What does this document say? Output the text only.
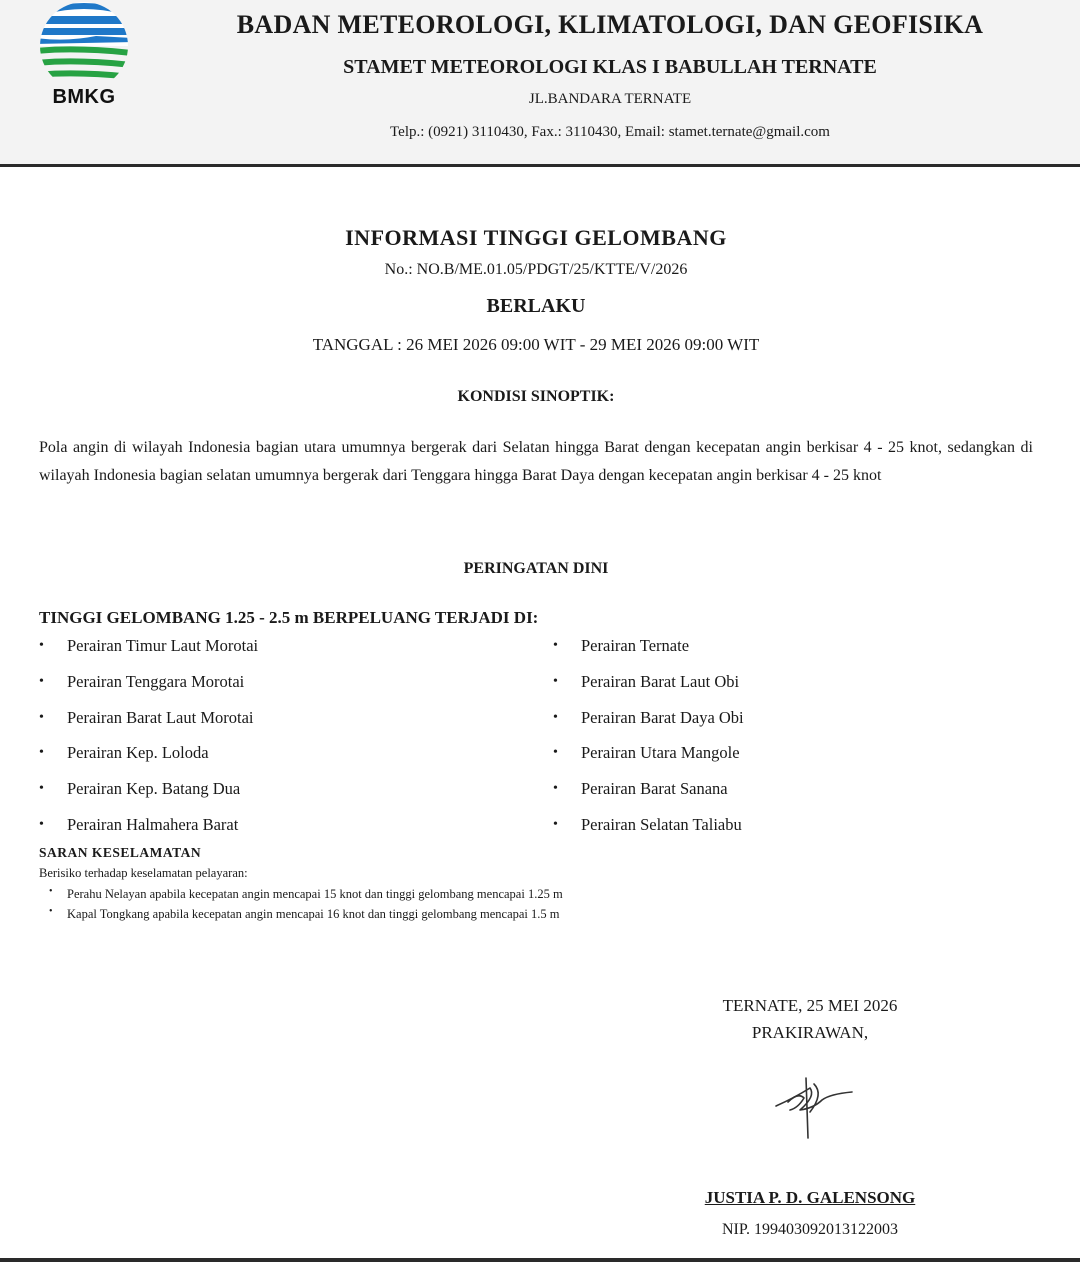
BMKG
BADAN METEOROLOGI, KLIMATOLOGI, DAN GEOFISIKA
STAMET METEOROLOGI KLAS I BABULLAH TERNATE
JL.BANDARA TERNATE
Telp.: (0921) 3110430, Fax.: 3110430, Email: stamet.ternate@gmail.com
INFORMASI TINGGI GELOMBANG
No.: NO.B/ME.01.05/PDGT/25/KTTE/V/2026
BERLAKU
TANGGAL : 26 MEI 2026 09:00 WIT - 29 MEI 2026 09:00 WIT
KONDISI SINOPTIK:
Pola angin di wilayah Indonesia bagian utara umumnya bergerak dari Selatan hingga Barat dengan kecepatan angin berkisar 4 - 25 knot, sedangkan di wilayah Indonesia bagian selatan umumnya bergerak dari Tenggara hingga Barat Daya dengan kecepatan angin berkisar 4 - 25 knot
PERINGATAN DINI
TINGGI GELOMBANG 1.25 - 2.5 m BERPELUANG TERJADI DI:
• Perairan Timur Laut Morotai
• Perairan Tenggara Morotai
• Perairan Barat Laut Morotai
• Perairan Kep. Loloda
• Perairan Kep. Batang Dua
• Perairan Halmahera Barat
• Perairan Ternate
• Perairan Barat Laut Obi
• Perairan Barat Daya Obi
• Perairan Utara Mangole
• Perairan Barat Sanana
• Perairan Selatan Taliabu
SARAN KESELAMATAN
Berisiko terhadap keselamatan pelayaran:
• Perahu Nelayan apabila kecepatan angin mencapai 15 knot dan tinggi gelombang mencapai 1.25 m
• Kapal Tongkang apabila kecepatan angin mencapai 16 knot dan tinggi gelombang mencapai 1.5 m
TERNATE, 25 MEI 2026
PRAKIRAWAN,
JUSTIA P. D. GALENSONG
NIP. 199403092013122003
